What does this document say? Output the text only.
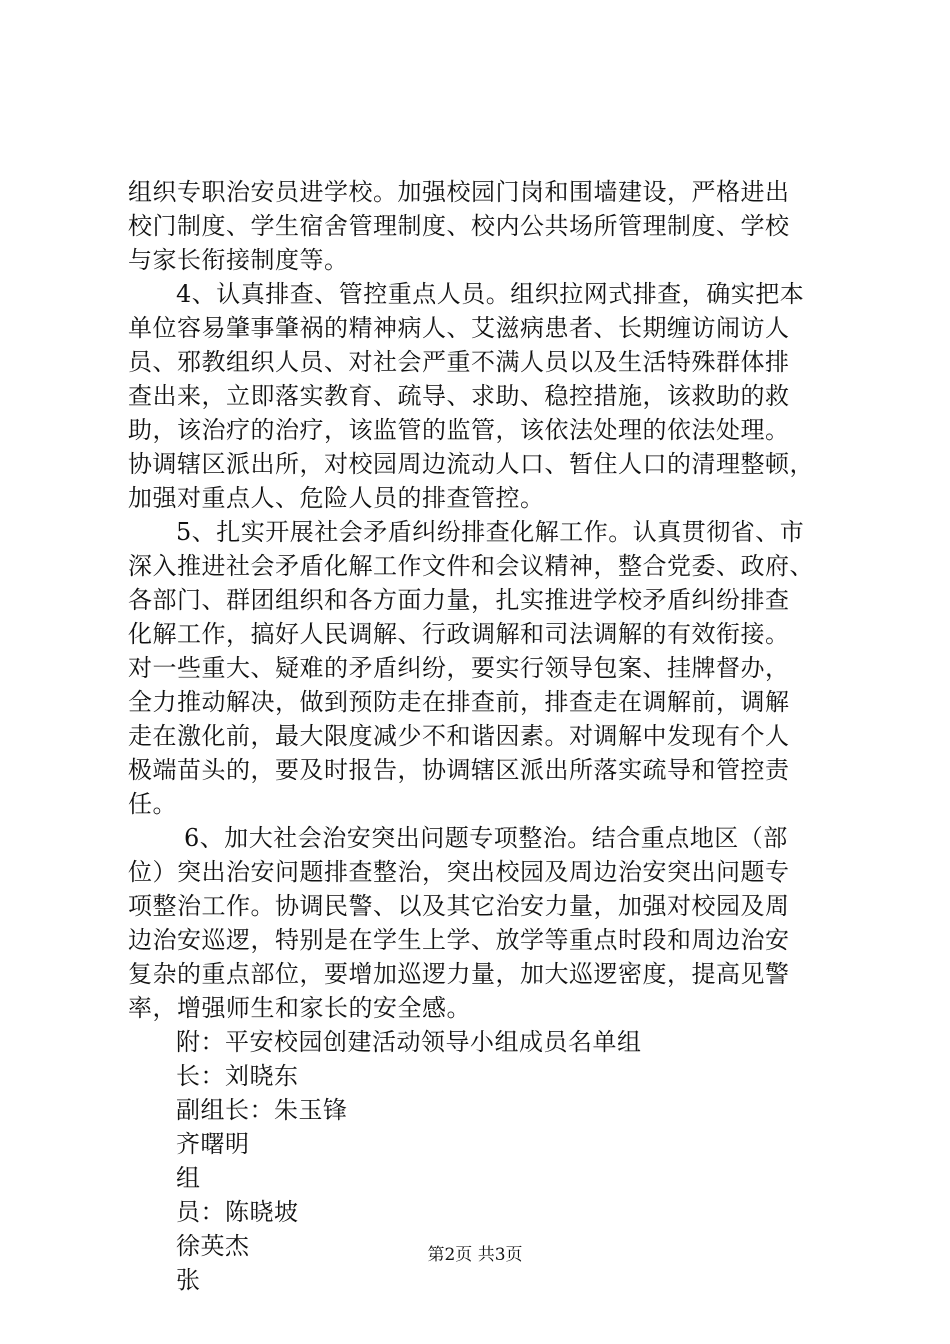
组织专职治安员进学校。加强校园门岗和围墙建设，严格进出
校门制度、学生宿舍管理制度、校内公共场所管理制度、学校
与家长衔接制度等。
4、认真排查、管控重点人员。组织拉网式排查，确实把本
单位容易肇事肇祸的精神病人、艾滋病患者、长期缠访闹访人
员、邪教组织人员、对社会严重不满人员以及生活特殊群体排
查出来，立即落实教育、疏导、求助、稳控措施，该救助的救
助，该治疗的治疗，该监管的监管，该依法处理的依法处理。
协调辖区派出所，对校园周边流动人口、暂住人口的清理整顿，
加强对重点人、危险人员的排查管控。
5、扎实开展社会矛盾纠纷排查化解工作。认真贯彻省、市
深入推进社会矛盾化解工作文件和会议精神，整合党委、政府、
各部门、群团组织和各方面力量，扎实推进学校矛盾纠纷排查
化解工作，搞好人民调解、行政调解和司法调解的有效衔接。
对一些重大、疑难的矛盾纠纷，要实行领导包案、挂牌督办，
全力推动解决，做到预防走在排查前，排查走在调解前，调解
走在激化前，最大限度减少不和谐因素。对调解中发现有个人
极端苗头的，要及时报告，协调辖区派出所落实疏导和管控责
任。
6、加大社会治安突出问题专项整治。结合重点地区（部
位）突出治安问题排查整治，突出校园及周边治安突出问题专
项整治工作。协调民警、以及其它治安力量，加强对校园及周
边治安巡逻，特别是在学生上学、放学等重点时段和周边治安
复杂的重点部位，要增加巡逻力量，加大巡逻密度，提高见警
率，增强师生和家长的安全感。
附：平安校园创建活动领导小组成员名单组
长：刘晓东
副组长：朱玉锋
齐曙明
组
员：陈晓坡
徐英杰
张
第2页 共3页
